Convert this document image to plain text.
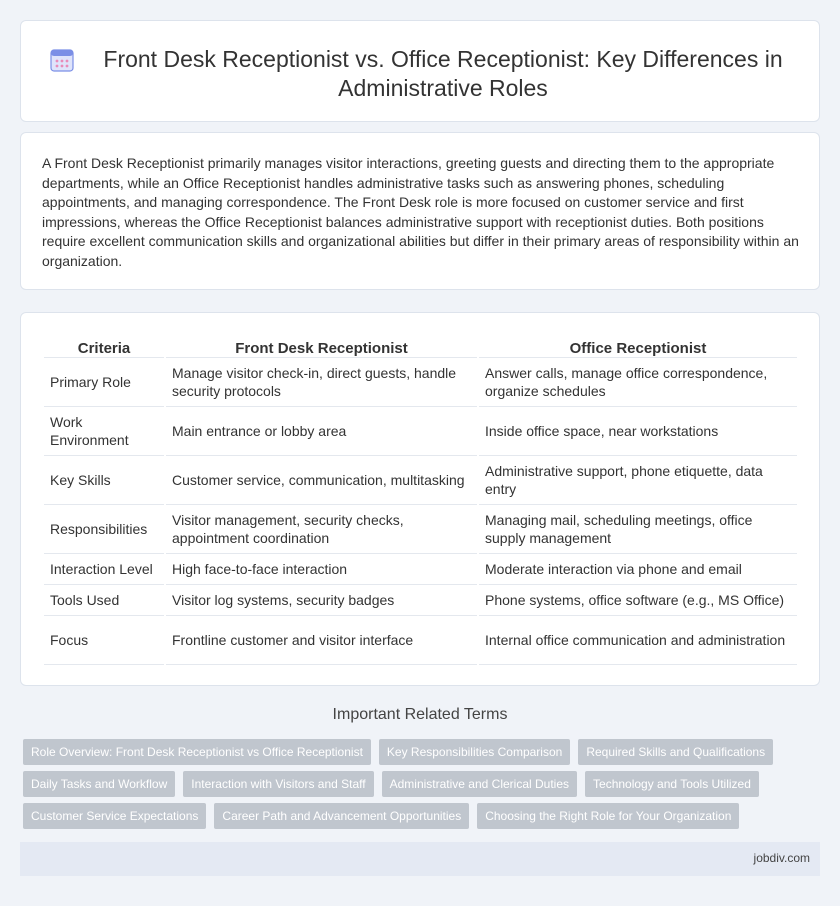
Front Desk Receptionist vs. Office Receptionist: Key Differences in Administrative Roles

A Front Desk Receptionist primarily manages visitor interactions, greeting guests and directing them to the appropriate departments, while an Office Receptionist handles administrative tasks such as answering phones, scheduling appointments, and managing correspondence. The Front Desk role is more focused on customer service and first impressions, whereas the Office Receptionist balances administrative support with receptionist duties. Both positions require excellent communication skills and organizational abilities but differ in their primary areas of responsibility within an organization.

Criteria	Front Desk Receptionist	Office Receptionist
Primary Role	Manage visitor check-in, direct guests, handle security protocols	Answer calls, manage office correspondence, organize schedules
Work Environment	Main entrance or lobby area	Inside office space, near workstations
Key Skills	Customer service, communication, multitasking	Administrative support, phone etiquette, data entry
Responsibilities	Visitor management, security checks, appointment coordination	Managing mail, scheduling meetings, office supply management
Interaction Level	High face-to-face interaction	Moderate interaction via phone and email
Tools Used	Visitor log systems, security badges	Phone systems, office software (e.g., MS Office)
Focus	Frontline customer and visitor interface	Internal office communication and administration
Important Related Terms
Role Overview: Front Desk Receptionist vs Office Receptionist	Key Responsibilities Comparison	Required Skills and Qualifications
Daily Tasks and Workflow	Interaction with Visitors and Staff	Administrative and Clerical Duties	Technology and Tools Utilized
Customer Service Expectations	Career Path and Advancement Opportunities	Choosing the Right Role for Your Organization
jobdiv.com
